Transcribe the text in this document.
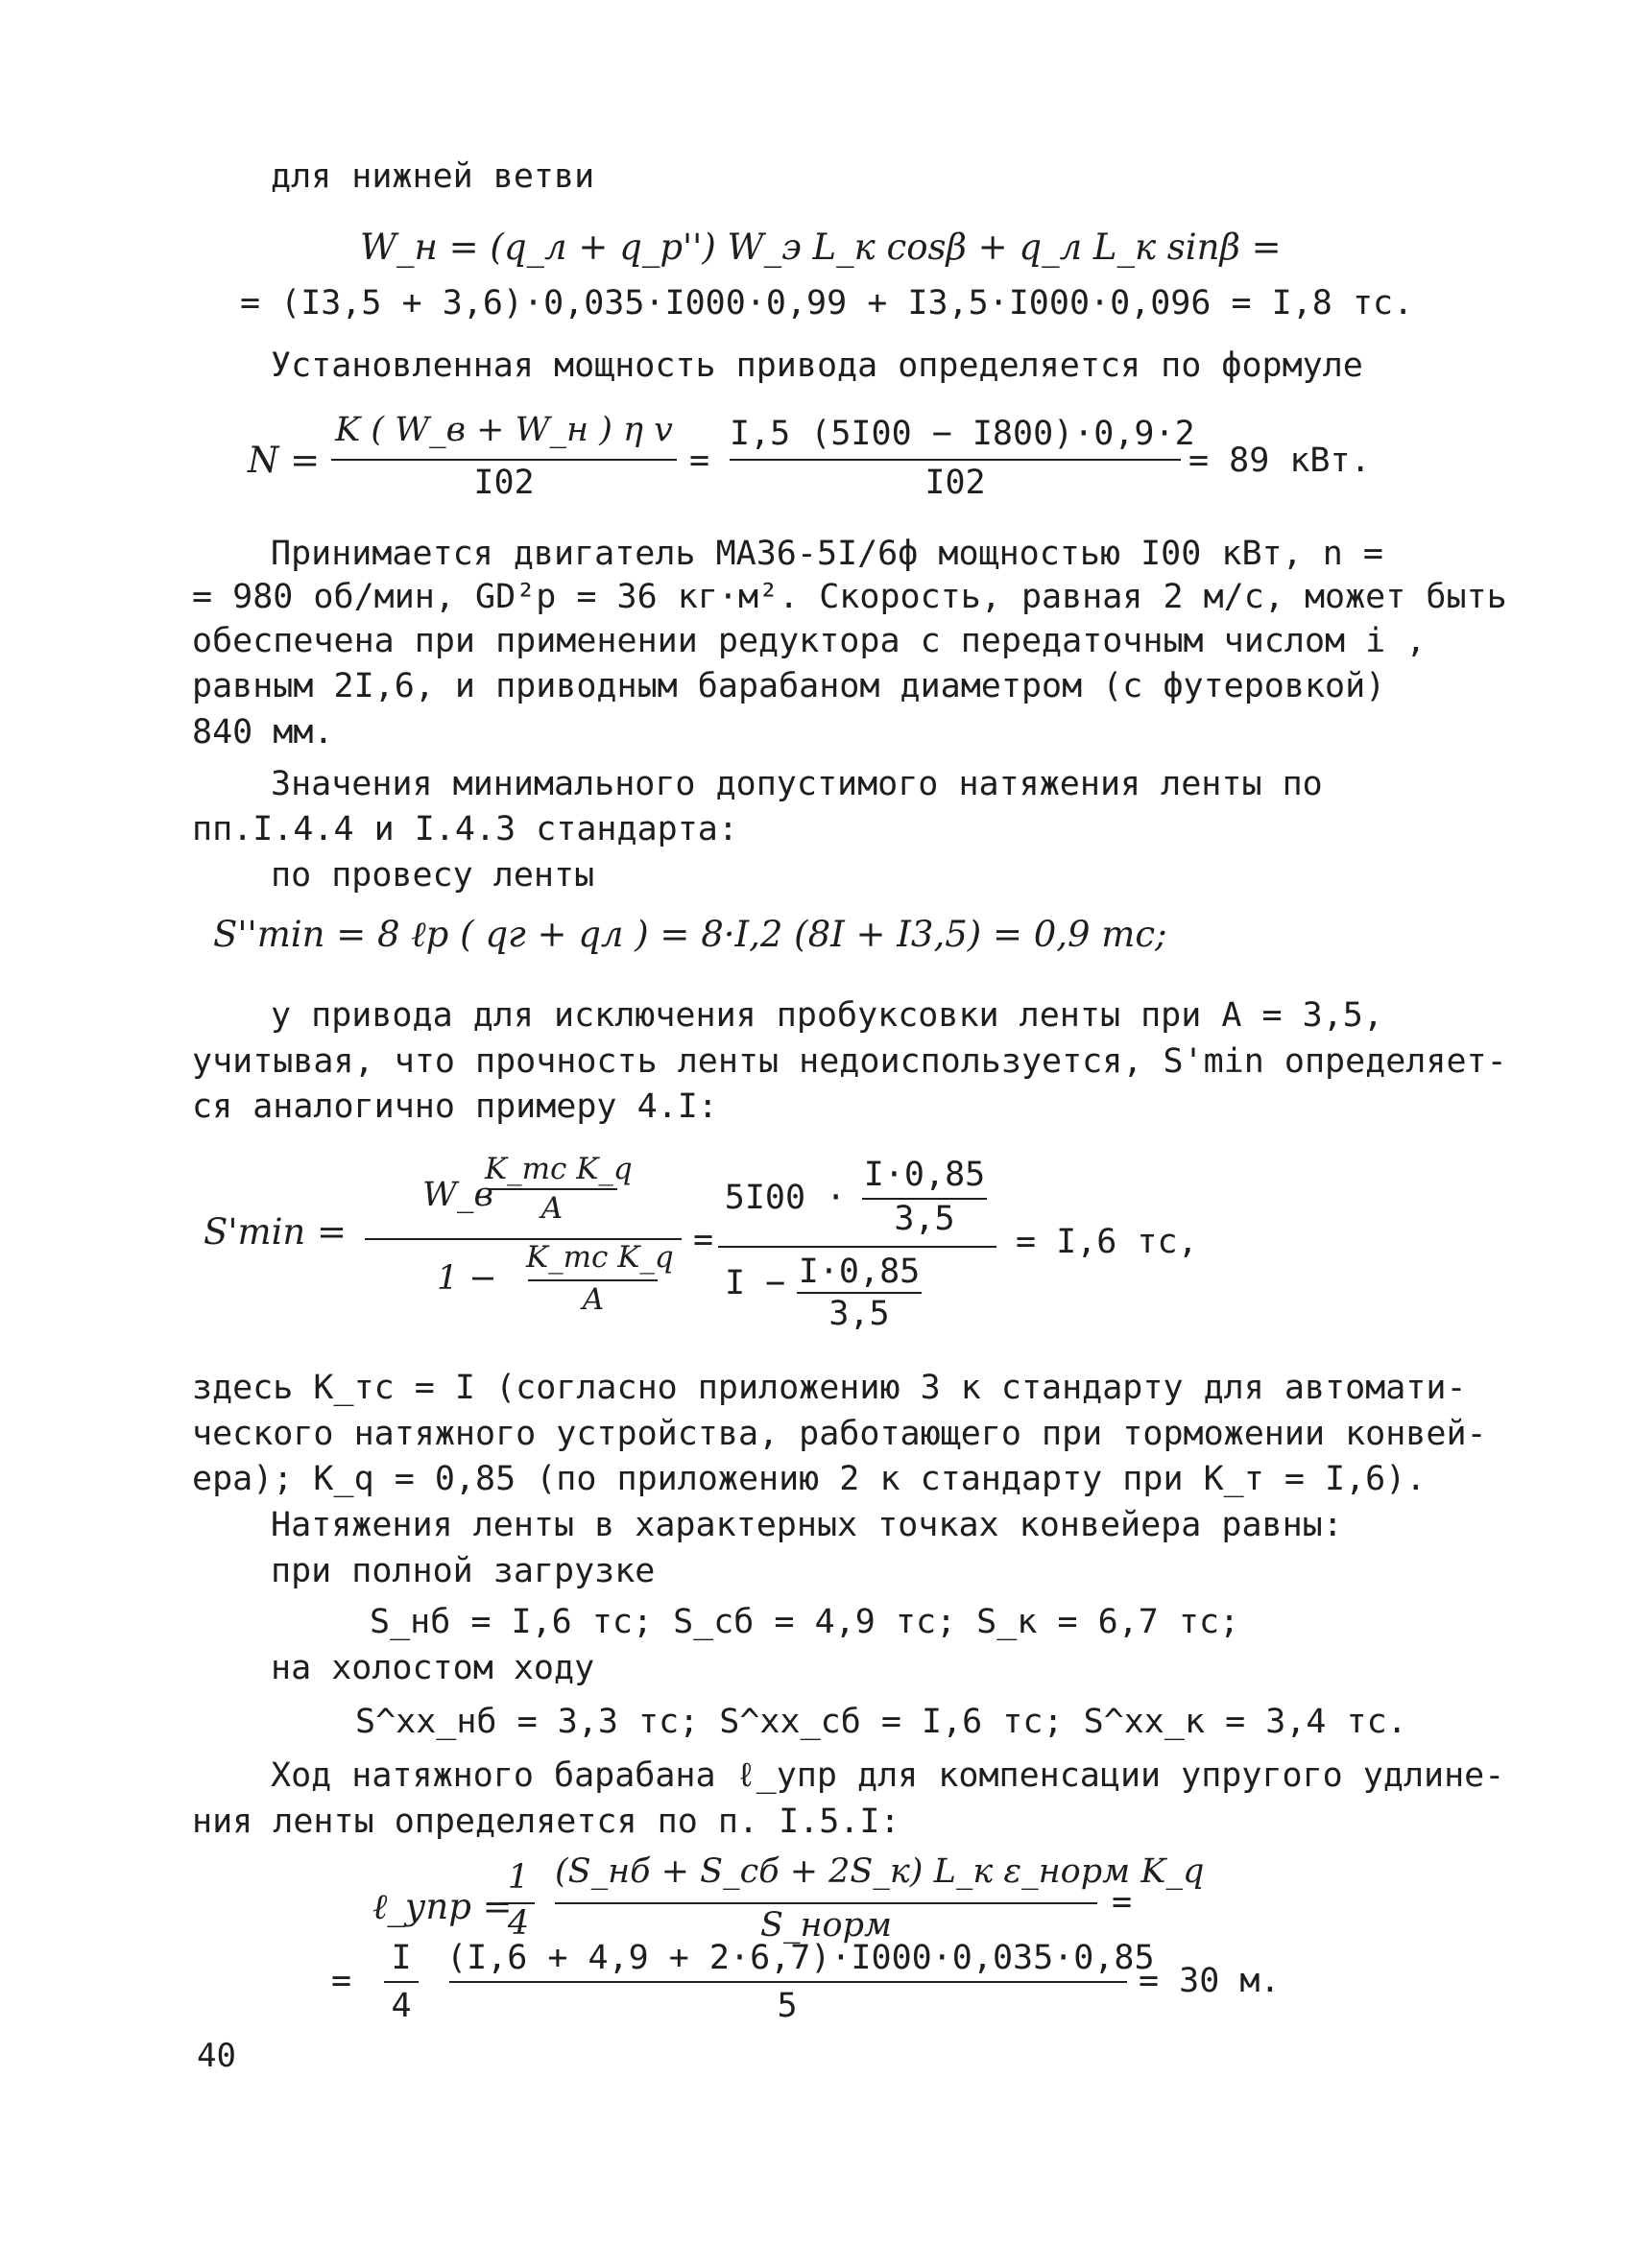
для нижней ветви
W_н = (q_л + q_р'') W_э L_к cosβ + q_л L_к sinβ =
= (I3,5 + 3,6)·0,035·I000·0,99 + I3,5·I000·0,096 = I,8 тс.
Установленная мощность привода определяется по формуле
N =
K ( W_в + W_н ) η v
I02
=
I,5 (5I00 − I800)·0,9·2
I02
= 89 кВт.
Принимается двигатель МА36-5I/6ф мощностью I00 кВт, n =
= 980 об/мин, GD²р = 36 кг·м². Скорость, равная 2 м/с, может быть
обеспечена при применении редуктора с передаточным числом i ,
равным 2I,6, и приводным барабаном диаметром (с футеровкой)
840 мм.
Значения минимального допустимого натяжения ленты по
пп.I.4.4 и I.4.3 стандарта:
по провесу ленты
S''min = 8 ℓр ( qг + qл ) = 8·I,2 (8I + I3,5) = 0,9 тс;
у привода для исключения пробуксовки ленты при A = 3,5,
учитывая, что прочность ленты недоиспользуется, S'min определяет-
ся аналогично примеру 4.I:
S'min =
W_в
K_тс K_q
A
1 −
K_тс K_q
A
=
5I00 ·
I·0,85
3,5
I − I·0,85
3,5
= I,6 тс,
здесь K_тс = I (согласно приложению 3 к стандарту для автомати-
ческого натяжного устройства, работающего при торможении конвей-
ера); K_q = 0,85 (по приложению 2 к стандарту при K_т = I,6).
Натяжения ленты в характерных точках конвейера равны:
при полной загрузке
S_нб = I,6 тс; S_сб = 4,9 тс; S_к = 6,7 тс;
на холостом ходу
S^xx_нб = 3,3 тс; S^xx_сб = I,6 тс; S^xx_к = 3,4 тс.
Ход натяжного барабана ℓ_упр для компенсации упругого удлине-
ния ленты определяется по п. I.5.I:
ℓ_упр =
1
4
(S_нб + S_сб + 2S_к) L_к ε_норм K_q
S_норм
=
=
I
4
(I,6 + 4,9 + 2·6,7)·I000·0,035·0,85
5
= 30 м.
40
